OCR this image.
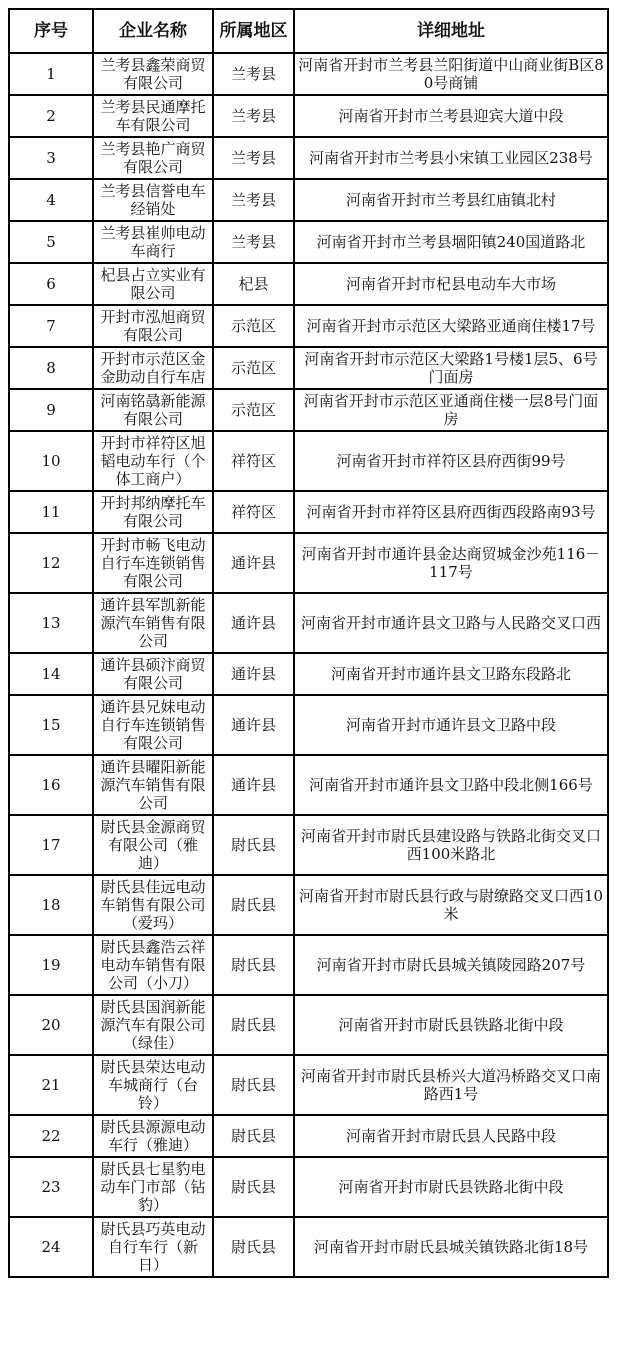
序号	企业名称	所属地区	详细地址
1	兰考县鑫荣商贸有限公司	兰考县	河南省开封市兰考县兰阳街道中山商业街B区80号商铺
2	兰考县民通摩托车有限公司	兰考县	河南省开封市兰考县迎宾大道中段
3	兰考县艳广商贸有限公司	兰考县	河南省开封市兰考县小宋镇工业园区238号
4	兰考县信誉电车经销处	兰考县	河南省开封市兰考县红庙镇北村
5	兰考县崔帅电动车商行	兰考县	河南省开封市兰考县堌阳镇240国道路北
6	杞县占立实业有限公司	杞县	河南省开封市杞县电动车大市场
7	开封市泓旭商贸有限公司	示范区	河南省开封市示范区大梁路亚通商住楼17号
8	开封市示范区金金助动自行车店	示范区	河南省开封市示范区大梁路1号楼1层5、6号门面房
9	河南铭骉新能源有限公司	示范区	河南省开封市示范区亚通商住楼一层8号门面房
10	开封市祥符区旭韬电动车行（个体工商户）	祥符区	河南省开封市祥符区县府西街99号
11	开封邦纳摩托车有限公司	祥符区	河南省开封市祥符区县府西街西段路南93号
12	开封市畅飞电动自行车连锁销售有限公司	通许县	河南省开封市通许县金达商贸城金沙苑116－117号
13	通许县军凯新能源汽车销售有限公司	通许县	河南省开封市通许县文卫路与人民路交叉口西
14	通许县硕汴商贸有限公司	通许县	河南省开封市通许县文卫路东段路北
15	通许县兄妹电动自行车连锁销售有限公司	通许县	河南省开封市通许县文卫路中段
16	通许县曜阳新能源汽车销售有限公司	通许县	河南省开封市通许县文卫路中段北侧166号
17	尉氏县金源商贸有限公司（雅迪）	尉氏县	河南省开封市尉氏县建设路与铁路北街交叉口西100米路北
18	尉氏县佳远电动车销售有限公司（爱玛）	尉氏县	河南省开封市尉氏县行政与尉缭路交叉口西10米
19	尉氏县鑫浩云祥电动车销售有限公司（小刀）	尉氏县	河南省开封市尉氏县城关镇陵园路207号
20	尉氏县国润新能源汽车有限公司（绿佳）	尉氏县	河南省开封市尉氏县铁路北街中段
21	尉氏县荣达电动车城商行（台铃）	尉氏县	河南省开封市尉氏县桥兴大道冯桥路交叉口南路西1号
22	尉氏县源源电动车行（雅迪）	尉氏县	河南省开封市尉氏县人民路中段
23	尉氏县七星豹电动车门市部（钻豹）	尉氏县	河南省开封市尉氏县铁路北街中段
24	尉氏县巧英电动自行车行（新日）	尉氏县	河南省开封市尉氏县城关镇铁路北街18号
